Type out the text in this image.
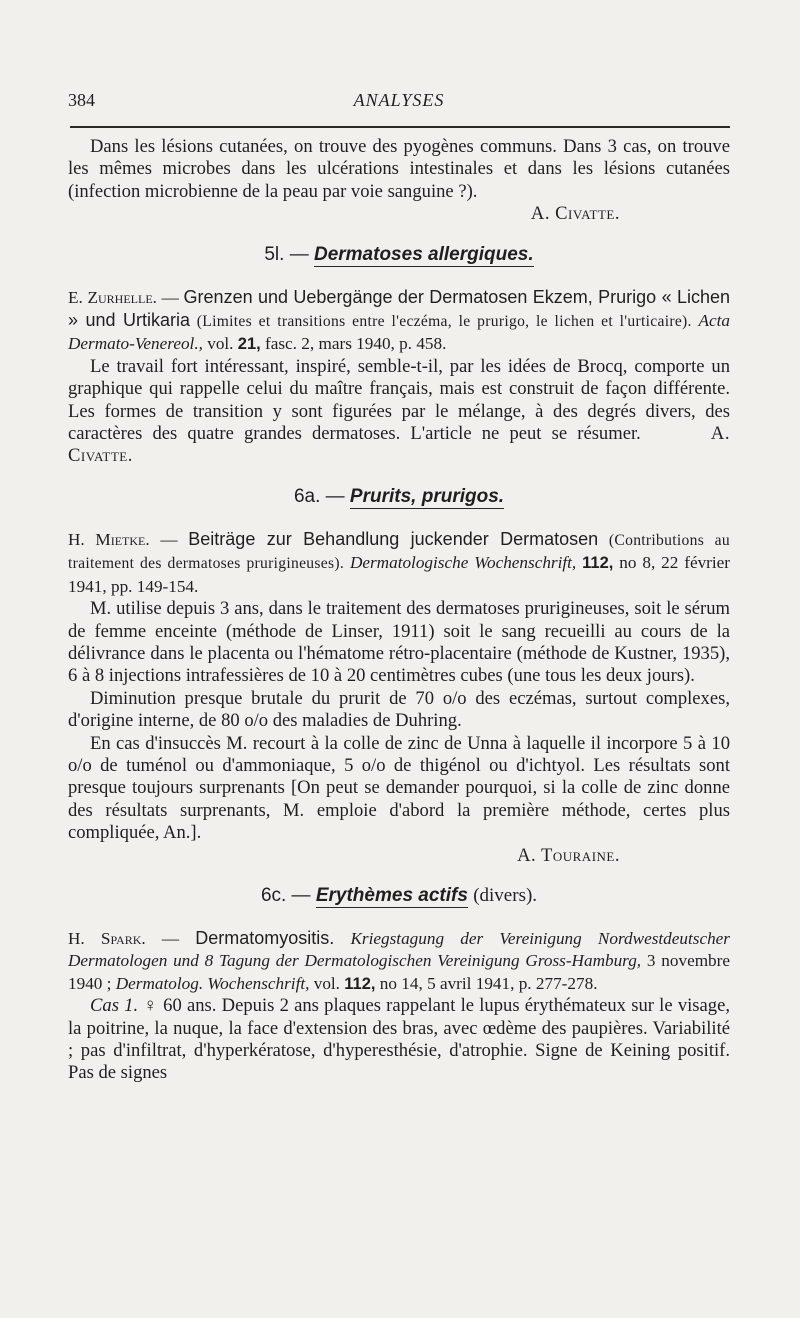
384	ANALYSES

Dans les lésions cutanées, on trouve des pyogènes communs. Dans 3 cas, on trouve les mêmes microbes dans les ulcérations intestinales et dans les lésions cutanées (infection microbienne de la peau par voie sanguine ?).
A. Civatte.

5l. — Dermatoses allergiques.

E. Zurhelle. — Grenzen und Uebergänge der Dermatosen Ekzem, Prurigo « Lichen » und Urtikaria (Limites et transitions entre l'eczéma, le prurigo, le lichen et l'urticaire). Acta Dermato-Venereol., vol. 21, fasc. 2, mars 1940, p. 458.

Le travail fort intéressant, inspiré, semble-t-il, par les idées de Brocq, comporte un graphique qui rappelle celui du maître français, mais est construit de façon différente. Les formes de transition y sont figurées par le mélange, à des degrés divers, des caractères des quatre grandes dermatoses. L'article ne peut se résumer.	A. Civatte.

6a. — Prurits, prurigos.

H. Mietke. — Beiträge zur Behandlung juckender Dermatosen (Contributions au traitement des dermatoses prurigineuses). Dermatologische Wochenschrift, 112, no 8, 22 février 1941, pp. 149-154.

M. utilise depuis 3 ans, dans le traitement des dermatoses prurigineuses, soit le sérum de femme enceinte (méthode de Linser, 1911) soit le sang recueilli au cours de la délivrance dans le placenta ou l'hématome rétro-placentaire (méthode de Kustner, 1935), 6 à 8 injections intrafessières de 10 à 20 centimètres cubes (une tous les deux jours).

Diminution presque brutale du prurit de 70 o/o des eczémas, surtout complexes, d'origine interne, de 80 o/o des maladies de Duhring.

En cas d'insuccès M. recourt à la colle de zinc de Unna à laquelle il incorpore 5 à 10 o/o de tuménol ou d'ammoniaque, 5 o/o de thigénol ou d'ichtyol. Les résultats sont presque toujours surprenants [On peut se demander pourquoi, si la colle de zinc donne des résultats surprenants, M. emploie d'abord la première méthode, certes plus compliquée, An.].
A. Touraine.

6c. — Erythèmes actifs (divers).

H. Spark. — Dermatomyositis. Kriegstagung der Vereinigung Nordwestdeutscher Dermatologen und 8 Tagung der Dermatologischen Vereinigung Gross-Hamburg, 3 novembre 1940 ; Dermatolog. Wochenschrift, vol. 112, no 14, 5 avril 1941, p. 277-278.

Cas 1. ♀ 60 ans. Depuis 2 ans plaques rappelant le lupus érythémateux sur le visage, la poitrine, la nuque, la face d'extension des bras, avec œdème des paupières. Variabilité ; pas d'infiltrat, d'hyperkératose, d'hyperesthésie, d'atrophie. Signe de Keining positif. Pas de signes
